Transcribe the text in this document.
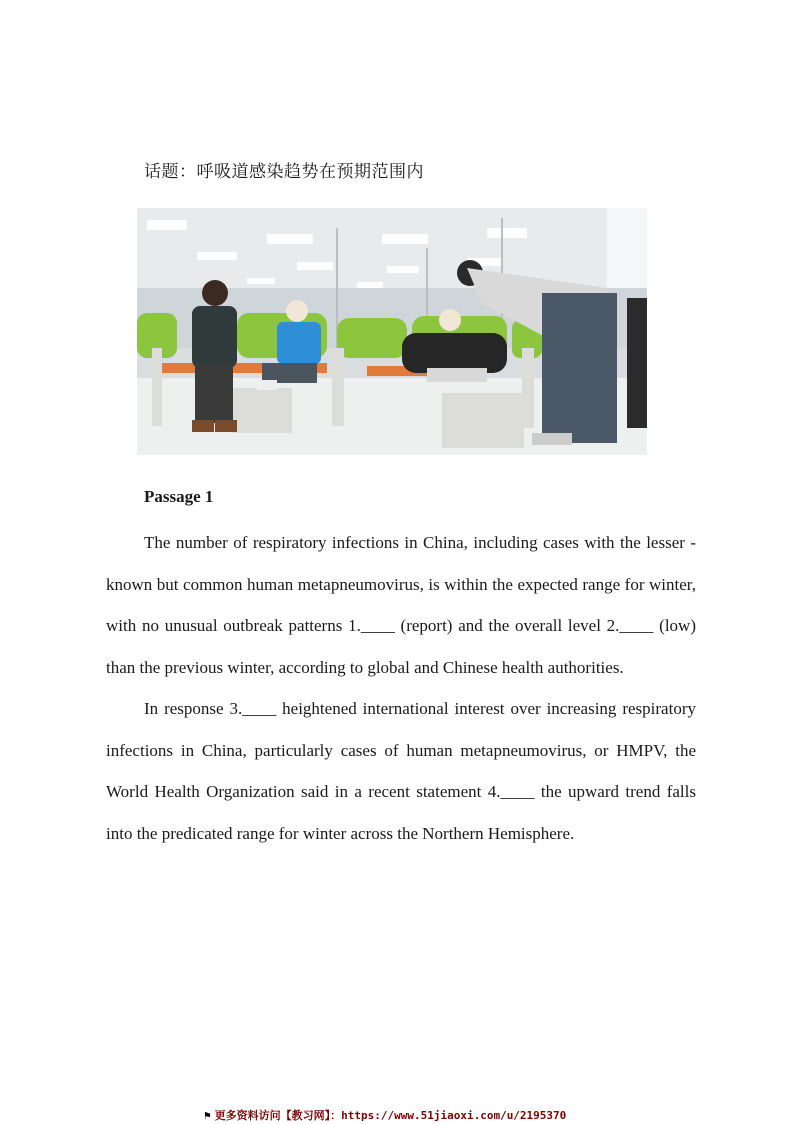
话题：呼吸道感染趋势在预期范围内
Passage 1

The number of respiratory infections in China, including cases with the lesser - known but common human metapneumovirus, is within the expected range for winter, with no unusual outbreak patterns 1.____ (report) and the overall level 2.____ (low) than the previous winter, according to global and Chinese health authorities.

In response 3.____ heightened international interest over increasing respiratory infections in China, particularly cases of human metapneumovirus, or HMPV, the World Health Organization said in a recent statement 4.____ the upward trend falls into the predicated range for winter across the Northern Hemisphere.

⚑ 更多资料访问【教习网】：https://www.51jiaoxi.com/u/2195370
